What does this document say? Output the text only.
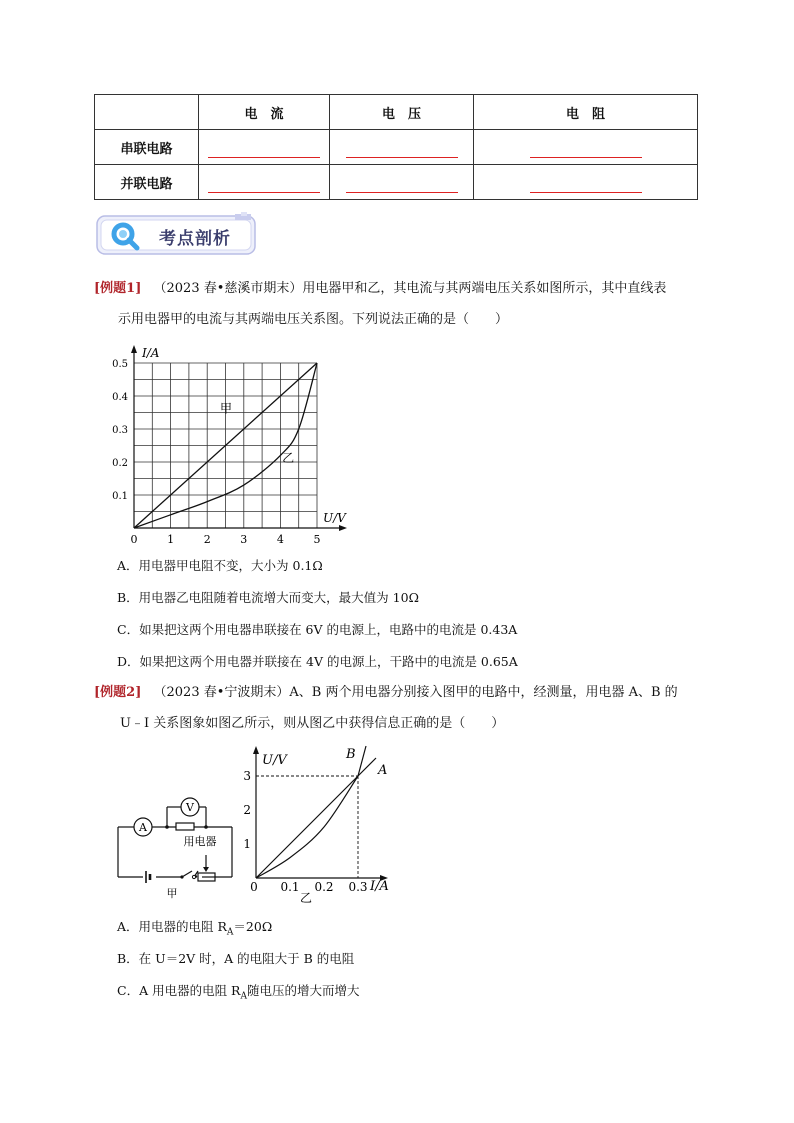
	电　流	电　压	电　阻
串联电路	

并联电路	

考点剖析
[例题1] （2023 春•慈溪市期末）用电器甲和乙，其电流与其两端电压关系如图所示，其中直线表
示用电器甲的电流与其两端电压关系图。下列说法正确的是（　　）
I/A
U/V
0	1	2	3	4	5
0.1
0.2
0.3
0.4
0.5
甲
乙
A．用电器甲电阻不变，大小为 0.1Ω
B．用电器乙电阻随着电流增大而变大，最大值为 10Ω
C．如果把这两个用电器串联接在 6V 的电源上，电路中的电流是 0.43A
D．如果把这两个用电器并联接在 4V 的电源上，干路中的电流是 0.65A
[例题2] （2023 春•宁波期末）A、B 两个用电器分别接入图甲的电路中，经测量，用电器 A、B 的
U﹣I 关系图象如图乙所示，则从图乙中获得信息正确的是（　　）
A
V
用电器
甲
U/V
I/A
0 0.1 0.2 0.3
1
2
3	A
B
乙
A．用电器的电阻 $R_A=20\Omega$
B．在 U＝2V 时，A 的电阻大于 B 的电阻
C．A 用电器的电阻 $R_A$随电压的增大而增大
